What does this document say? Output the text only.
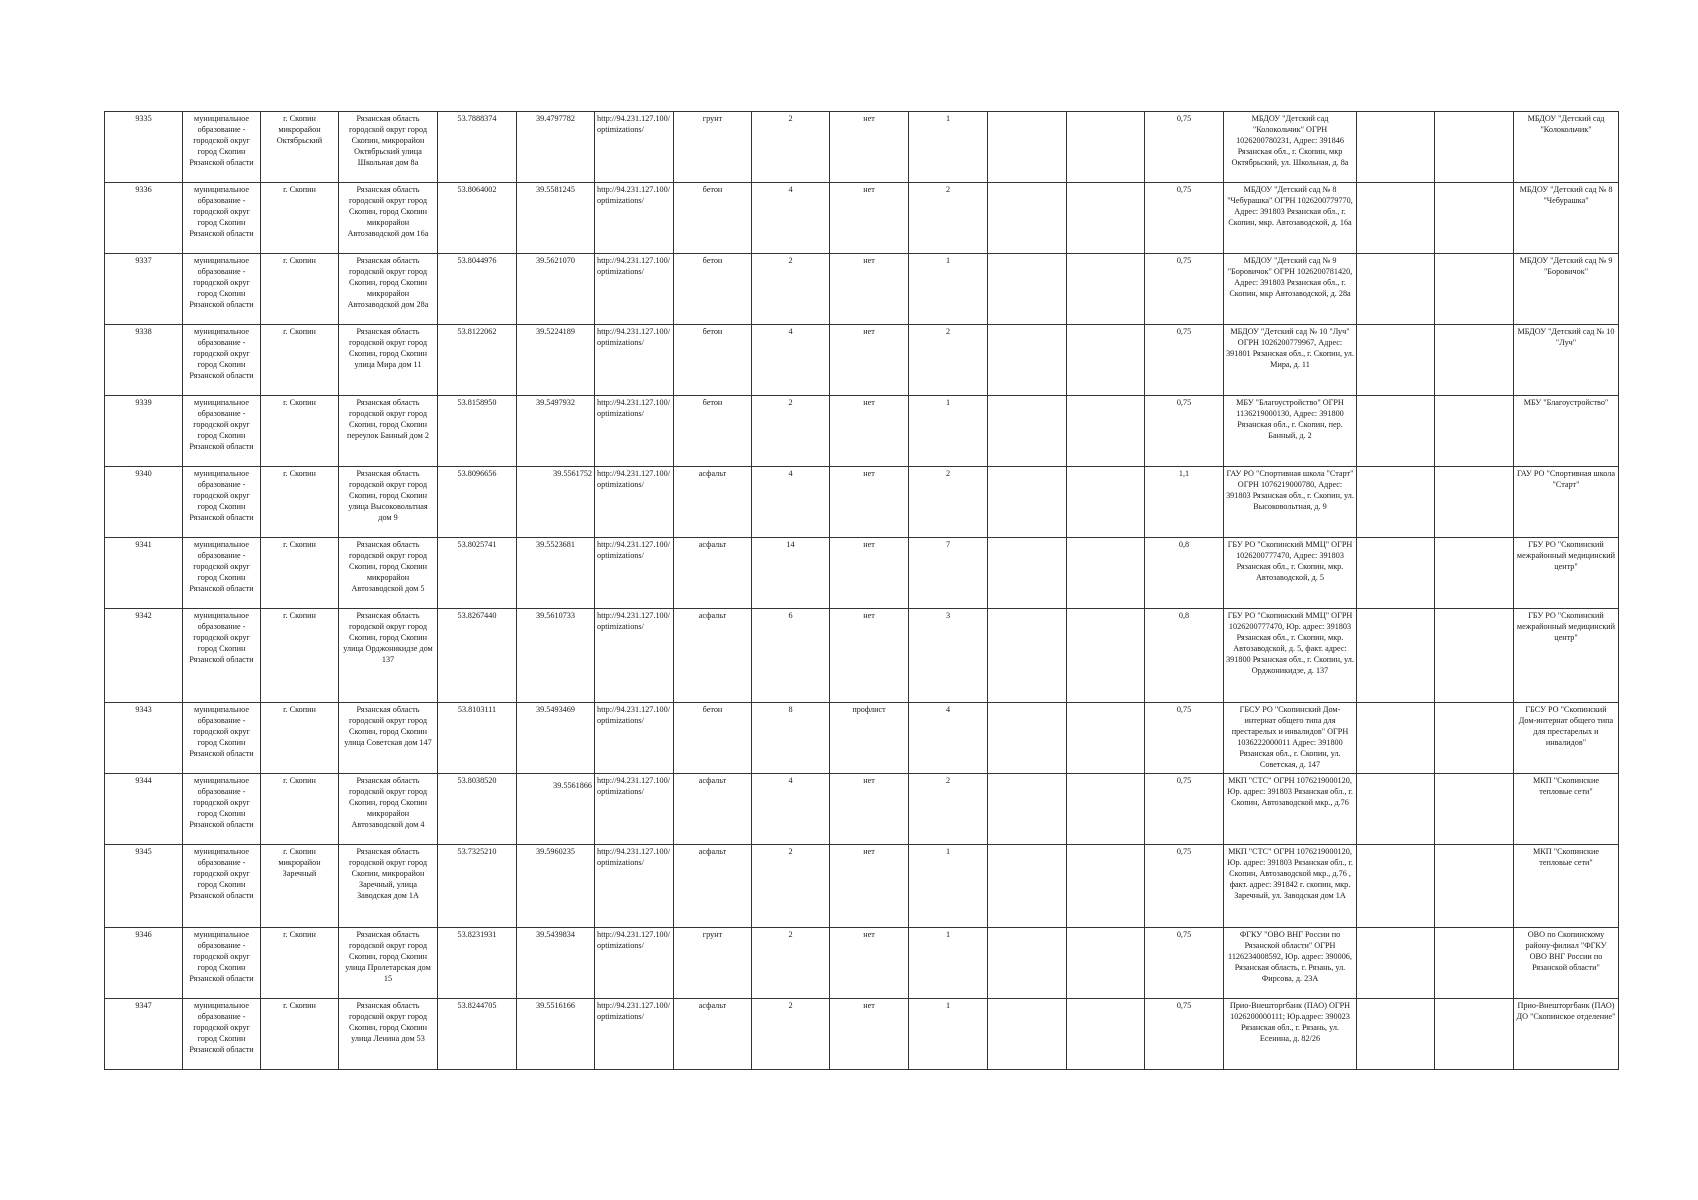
9335	муниципальное образование - городской округ город Скопин Рязанской области	г. Скопин микрорайон Октябрьский	Рязанская область городской округ город Скопин, микрорайон Октябрьский улица Школьная дом 8а	53.7888374	39.4797782	http://94.231.127.100/optimizations/	грунт	2	нет	1			0,75	МБДОУ "Детский сад "Колокольчик" ОГРН 1026200780231, Адрес: 391846 Рязанская обл., г. Скопин, мкр Октябрьский, ул. Школьная, д. 8а			МБДОУ "Детский сад "Колокольчик"
9336	муниципальное образование - городской округ город Скопин Рязанской области	г. Скопин	Рязанская область городской округ город Скопин, город Скопин микрорайон Автозаводской дом 16а	53.8064002	39.5581245	http://94.231.127.100/optimizations/	бетон	4	нет	2			0,75	МБДОУ "Детский сад № 8 "Чебурашка" ОГРН 1026200779770, Адрес: 391803 Рязанская обл., г. Скопин, мкр. Автозаводской, д. 16а			МБДОУ "Детский сад № 8 "Чебурашка"
9337	муниципальное образование - городской округ город Скопин Рязанской области	г. Скопин	Рязанская область городской округ город Скопин, город Скопин микрорайон Автозаводской дом 28а	53.8044976	39.5621070	http://94.231.127.100/optimizations/	бетон	2	нет	1			0,75	МБДОУ "Детский сад № 9 "Боровичок" ОГРН 1026200781420, Адрес: 391803 Рязанская обл., г. Скопин, мкр Автозаводской, д. 28а			МБДОУ "Детский сад № 9 "Боровичок"
9338	муниципальное образование - городской округ город Скопин Рязанской области	г. Скопин	Рязанская область городской округ город Скопин, город Скопин улица Мира дом 11	53.8122062	39.5224189	http://94.231.127.100/optimizations/	бетон	4	нет	2			0,75	МБДОУ "Детский сад № 10 "Луч" ОГРН 1026200779967, Адрес: 391801 Рязанская обл., г. Скопин, ул. Мира, д. 11			МБДОУ "Детский сад № 10 "Луч"
9339	муниципальное образование - городской округ город Скопин Рязанской области	г. Скопин	Рязанская область городской округ город Скопин, город Скопин переулок Банный дом 2	53.8158950	39.5497932	http://94.231.127.100/optimizations/	бетон	2	нет	1			0,75	МБУ "Благоустройство" ОГРН 1136219000130, Адрес: 391800 Рязанская обл., г. Скопин, пер. Банный, д. 2			МБУ "Благоустройство"
9340	муниципальное образование - городской округ город Скопин Рязанской области	г. Скопин	Рязанская область городской округ город Скопин, город Скопин улица Высоковольтная дом 9	53.8096656	39.5561752	http://94.231.127.100/optimizations/	асфальт	4	нет	2			1,1	ГАУ РО "Спортивная школа "Старт" ОГРН 1076219000780, Адрес: 391803 Рязанская обл., г. Скопин, ул. Высоковольтная, д. 9			ГАУ РО "Спортивная школа "Старт"
9341	муниципальное образование - городской округ город Скопин Рязанской области	г. Скопин	Рязанская область городской округ город Скопин, город Скопин микрорайон Автозаводской дом 5	53.8025741	39.5523681	http://94.231.127.100/optimizations/	асфальт	14	нет	7			0,8	ГБУ РО "Скопинский ММЦ" ОГРН 1026200777470, Адрес: 391803 Рязанская обл., г. Скопин, мкр. Автозаводской, д. 5			ГБУ РО "Скопинский межрайонный медицинский центр"
9342	муниципальное образование - городской округ город Скопин Рязанской области	г. Скопин	Рязанская область городской округ город Скопин, город Скопин улица Орджоникидзе дом 137	53.8267440	39.5610733	http://94.231.127.100/optimizations/	асфальт	6	нет	3			0,8	ГБУ РО "Скопинский ММЦ" ОГРН 1026200777470, Юр. адрес: 391803 Рязанская обл., г. Скопин, мкр. Автозаводской, д. 5, факт. адрес: 391800 Рязанская обл., г. Скопин, ул. Орджоникидзе, д. 137			ГБУ РО "Скопинский межрайонный медицинский центр"
9343	муниципальное образование - городской округ город Скопин Рязанской области	г. Скопин	Рязанская область городской округ город Скопин, город Скопин улица Советская дом 147	53.8103111	39.5493469	http://94.231.127.100/optimizations/	бетон	8	профлист	4			0,75	ГБСУ РО "Скопинский Дом-интернат общего типа для престарелых и инвалидов" ОГРН 1036222000011 Адрес: 391800 Рязанская обл., г. Скопин, ул. Советская, д. 147			ГБСУ РО "Скопинский Дом-интернат общего типа для престарелых и инвалидов"
9344	муниципальное образование - городской округ город Скопин Рязанской области	г. Скопин	Рязанская область городской округ город Скопин, город Скопин микрорайон Автозаводской дом 4	53.8038520	39.5561866	http://94.231.127.100/optimizations/	асфальт	4	нет	2			0,75	МКП "СТС" ОГРН 1076219000120, Юр. адрес: 391803 Рязанская обл., г. Скопин, Автозаводской мкр., д.76			МКП "Скопинские тепловые сети"
9345	муниципальное образование - городской округ город Скопин Рязанской области	г. Скопин микрорайон Заречный	Рязанская область городской округ город Скопин, микрорайон Заречный, улица Заводская дом 1А	53.7325210	39.5960235	http://94.231.127.100/optimizations/	асфальт	2	нет	1			0,75	МКП "СТС" ОГРН 1076219000120, Юр. адрес: 391803 Рязанская обл., г. Скопин, Автозаводской мкр., д.76 , факт. адрес: 391842 г. скопин, мкр. Заречный, ул. Заводская дом 1А			МКП "Скопинские тепловые сети"
9346	муниципальное образование - городской округ город Скопин Рязанской области	г. Скопин	Рязанская область городской округ город Скопин, город Скопин улица Пролетарская дом 15	53.8231931	39.5439834	http://94.231.127.100/optimizations/	грунт	2	нет	1			0,75	ФГКУ "ОВО ВНГ России по Рязанской области" ОГРН 1126234008592, Юр. адрес: 390006, Рязанская область, г. Рязань, ул. Фирсова, д. 23А			ОВО по Скопинскому району-филиал "ФГКУ ОВО ВНГ России по Рязанской области"
9347	муниципальное образование - городской округ город Скопин Рязанской области	г. Скопин	Рязанская область городской округ город Скопин, город Скопин улица Ленина дом 53	53.8244705	39.5516166	http://94.231.127.100/optimizations/	асфальт	2	нет	1			0,75	Прио-Внешторгбанк (ПАО) ОГРН 1026200000111; Юр.адрес: 390023 Рязанская обл., г. Рязань, ул. Есенина, д. 82/26			Прио-Внешторгбанк (ПАО) ДО "Скопинское отделение"
